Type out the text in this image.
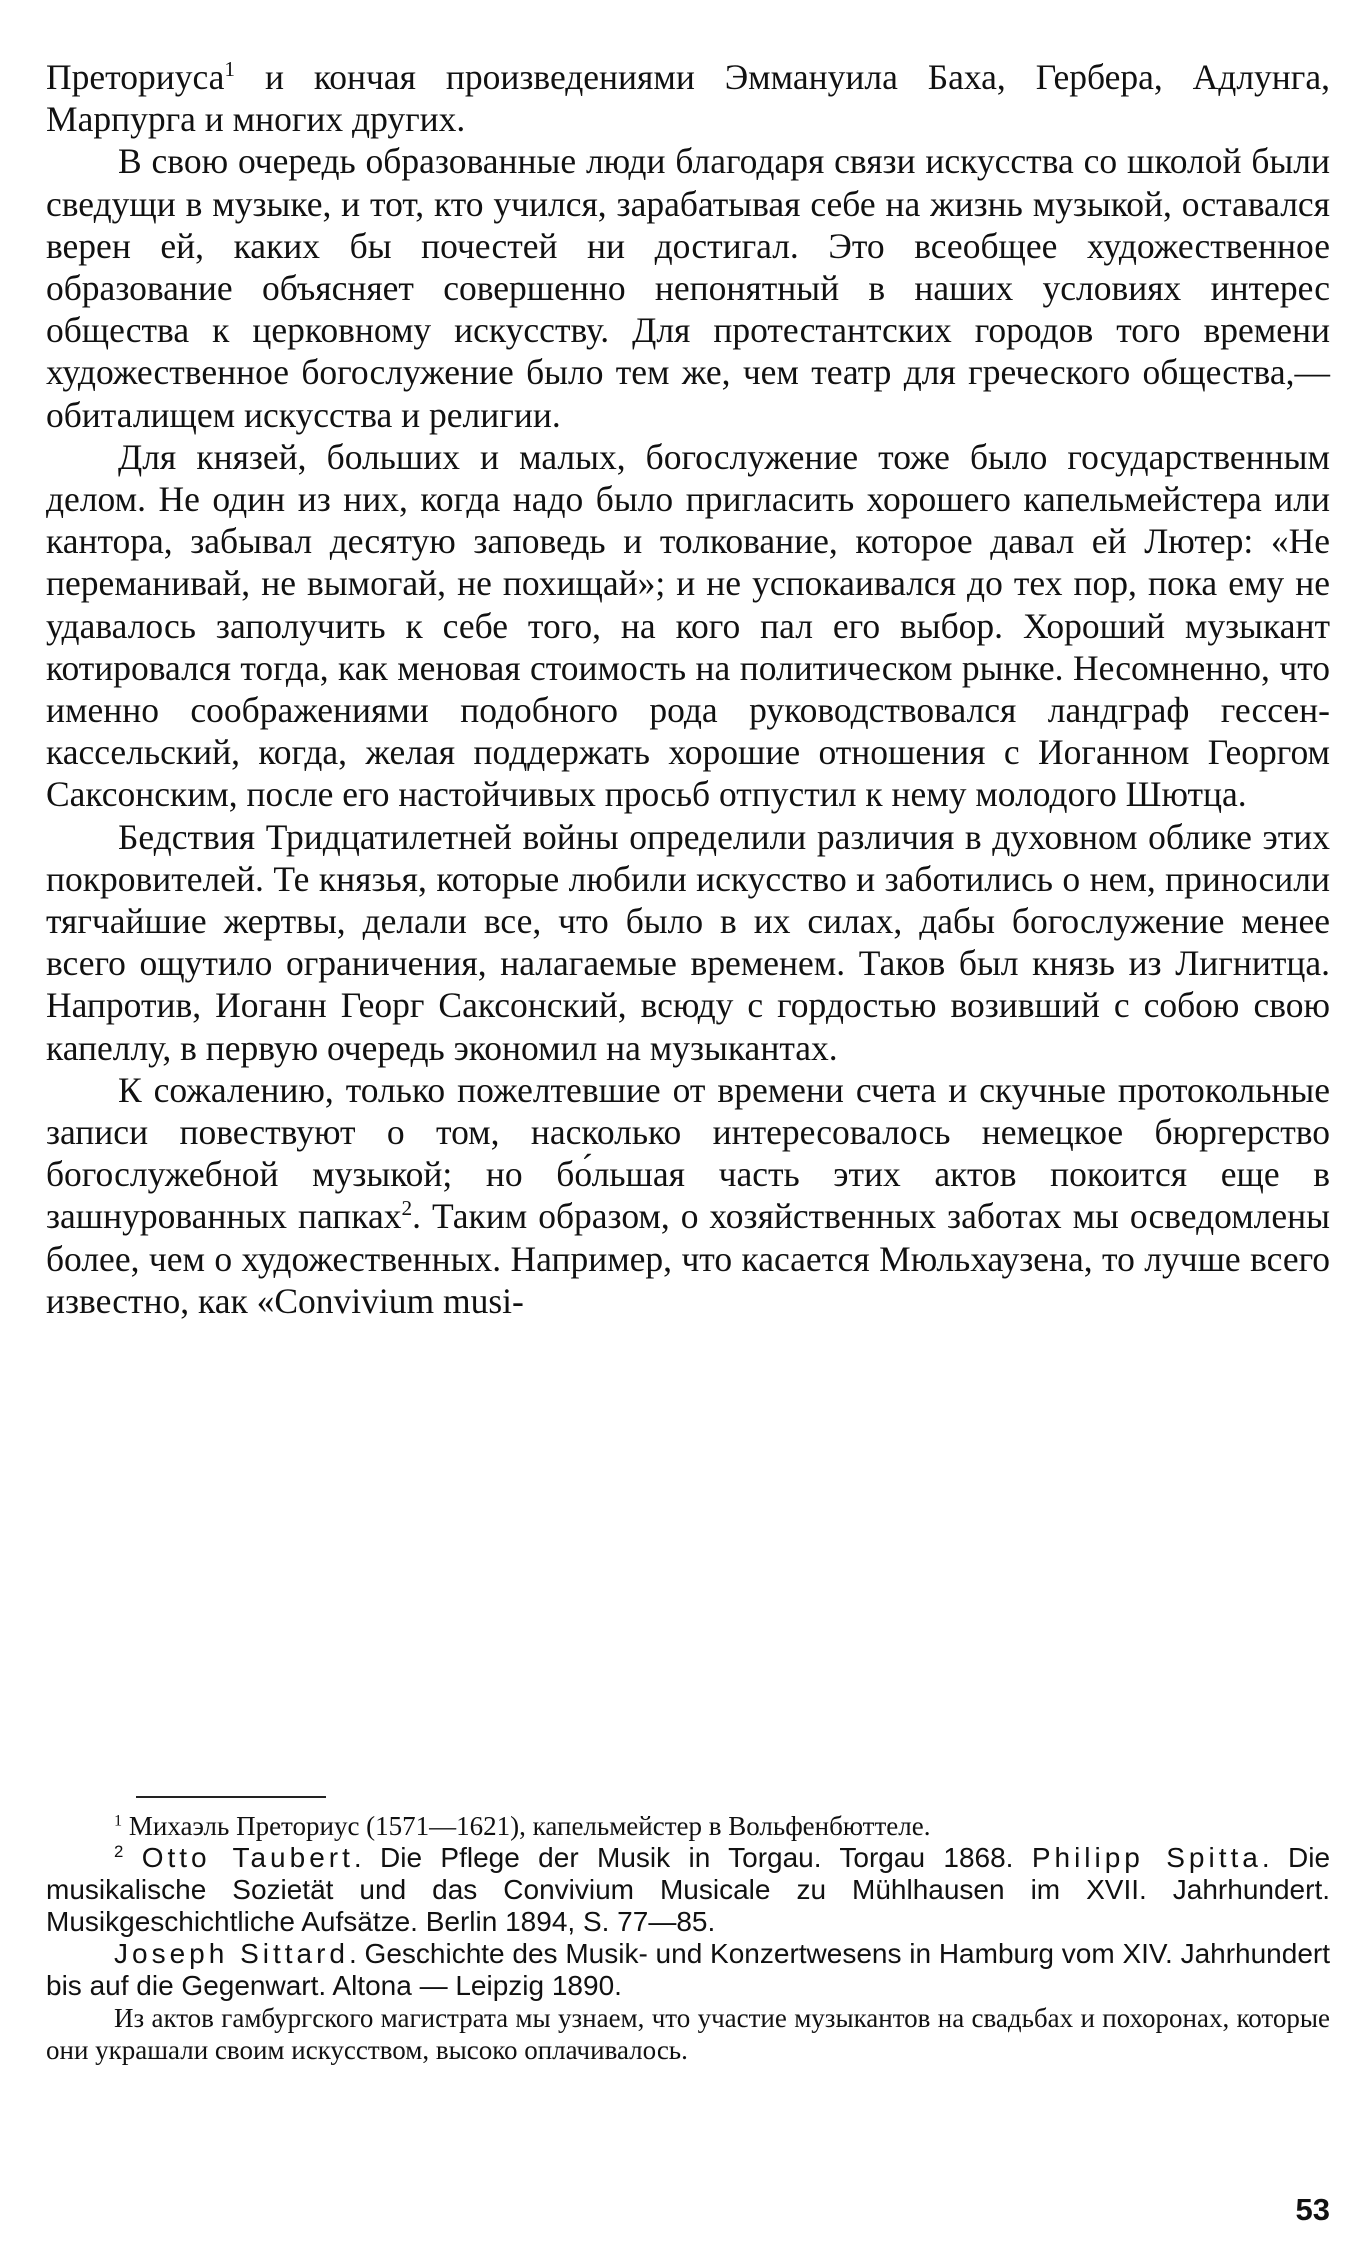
Преториуса$^1$ и кончая произведениями Эммануила Баха, Гербера, Адлунга, Марпурга и многих других.

В свою очередь образованные люди благодаря связи искусства со школой были сведущи в музыке, и тот, кто учился, зарабатывая себе на жизнь музыкой, оставался верен ей, каких бы почестей ни достигал. Это всеобщее художественное образование объясняет совершенно непонятный в наших условиях интерес общества к церковному искусству. Для протестантских городов того времени художественное богослужение было тем же, чем театр для греческого общества,— обиталищем искусства и религии.

Для князей, больших и малых, богослужение тоже было государственным делом. Не один из них, когда надо было пригласить хорошего капельмейстера или кантора, забывал десятую заповедь и толкование, которое давал ей Лютер: «Не переманивай, не вымогай, не похищай»; и не успокаивался до тех пор, пока ему не удавалось заполучить к себе того, на кого пал его выбор. Хороший музыкант котировался тогда, как меновая стоимость на политическом рынке. Несомненно, что именно соображениями подобного рода руководствовался ландграф гессен-кассельский, когда, желая поддержать хорошие отношения с Иоганном Георгом Саксонским, после его настойчивых просьб отпустил к нему молодого Шютца.

Бедствия Тридцатилетней войны определили различия в духовном облике этих покровителей. Те князья, которые любили искусство и заботились о нем, приносили тягчайшие жертвы, делали все, что было в их силах, дабы богослужение менее всего ощутило ограничения, налагаемые временем. Таков был князь из Лигнитца. Напротив, Иоганн Георг Саксонский, всюду с гордостью возивший с собою свою капеллу, в первую очередь экономил на музыкантах.

К сожалению, только пожелтевшие от времени счета и скучные протокольные записи повествуют о том, насколько интересовалось немецкое бюргерство богослужебной музыкой; но бо́льшая часть этих актов покоится еще в зашнурованных папках$^2$. Таким образом, о хозяйственных заботах мы осведомлены более, чем о художественных. Например, что касается Мюльхаузена, то лучше всего известно, как «Convivium musi-

$^1$ Михаэль Преториус (1571—1621), капельмейстер в Вольфенбюттеле.

$^2$ Otto Taubert. Die Pflege der Musik in Torgau. Torgau 1868. Philipp Spitta. Die musikalische Sozietät und das Convivium Musicale zu Mühlhausen im XVII. Jahrhundert. Musikgeschichtliche Aufsätze. Berlin 1894, S. 77—85.

Joseph Sittard. Geschichte des Musik- und Konzertwesens in Hamburg vom XIV. Jahrhundert bis auf die Gegenwart. Altona — Leipzig 1890.

Из актов гамбургского магистрата мы узнаем, что участие музыкантов на свадьбах и похоронах, которые они украшали своим искусством, высоко оплачивалось.

53
